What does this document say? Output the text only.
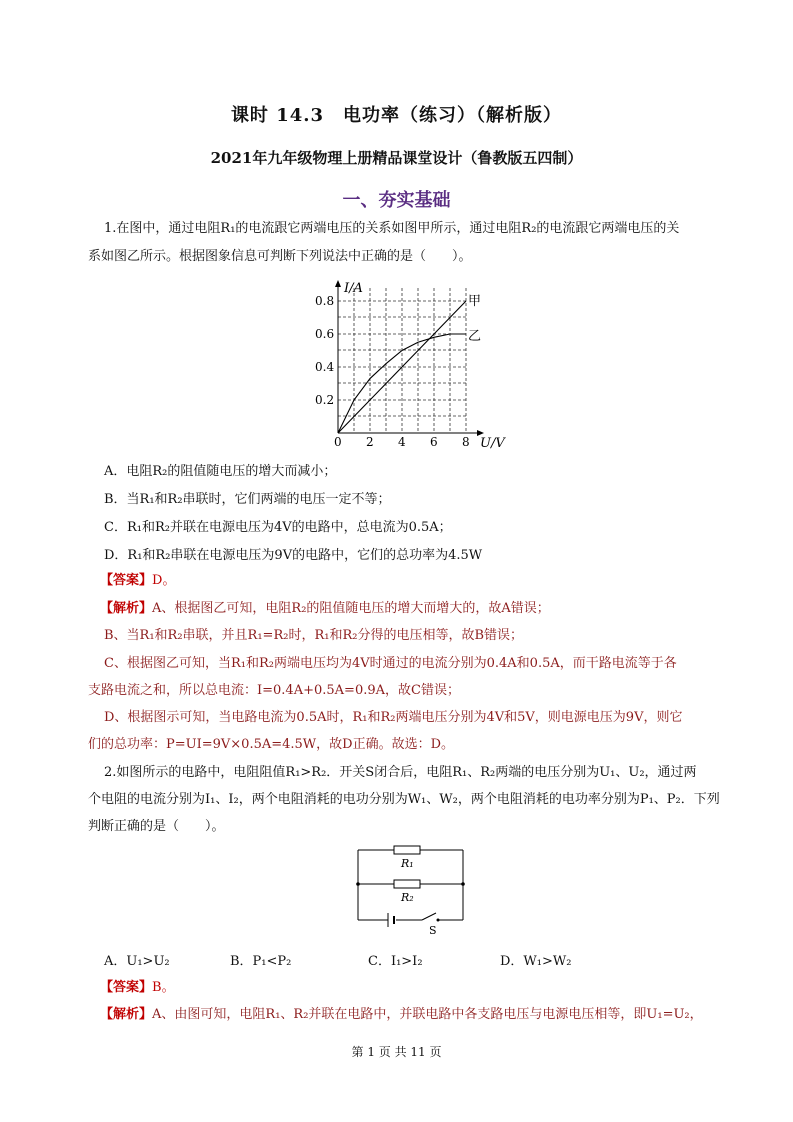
课时 14.3　电功率（练习）（解析版）
2021年九年级物理上册精品课堂设计（鲁教版五四制）
一、夯实基础
1.在图中，通过电阻R₁的电流跟它两端电压的关系如图甲所示，通过电阻R₂的电流跟它两端电压的关
系如图乙所示。根据图象信息可判断下列说法中正确的是（　　）。
I/A
U/V
0.8
0.6
0.4
0.2
0 2 4 6 8
甲
乙
A．电阻R₂的阻值随电压的增大而减小；
B．当R₁和R₂串联时，它们两端的电压一定不等；
C．R₁和R₂并联在电源电压为4V的电路中，总电流为0.5A；
D．R₁和R₂串联在电源电压为9V的电路中，它们的总功率为4.5W
【答案】D。
【解析】A、根据图乙可知，电阻R₂的阻值随电压的增大而增大的，故A错误；
B、当R₁和R₂串联，并且R₁=R₂时，R₁和R₂分得的电压相等，故B错误；
C、根据图乙可知，当R₁和R₂两端电压均为4V时通过的电流分别为0.4A和0.5A，而干路电流等于各
支路电流之和，所以总电流：I=0.4A+0.5A=0.9A，故C错误；
D、根据图示可知，当电路电流为0.5A时，R₁和R₂两端电压分别为4V和5V，则电源电压为9V，则它
们的总功率：P=UI=9V×0.5A=4.5W，故D正确。故选：D。
2.如图所示的电路中，电阻阻值R₁>R₂．开关S闭合后，电阻R₁、R₂两端的电压分别为U₁、U₂，通过两
个电阻的电流分别为I₁、I₂，两个电阻消耗的电功分别为W₁、W₂，两个电阻消耗的电功率分别为P₁、P₂．下列
判断正确的是（　　）。
R₁
R₂
S
A．U₁>U₂	B．P₁<P₂	C．I₁>I₂	D．W₁>W₂
【答案】B。
【解析】A、由图可知，电阻R₁、R₂并联在电路中，并联电路中各支路电压与电源电压相等，即U₁=U₂，
第 1 页 共 11 页
